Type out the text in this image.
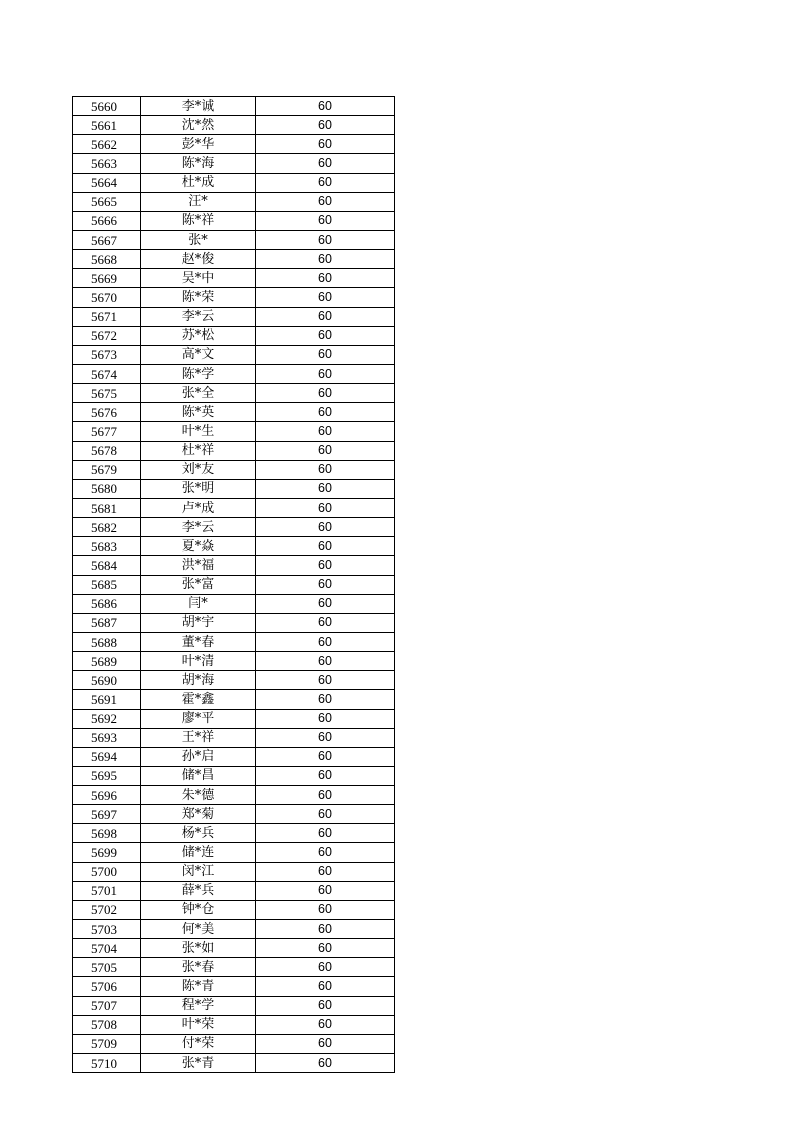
5660	李*诚	60
5661	沈*然	60
5662	彭*华	60
5663	陈*海	60
5664	杜*成	60
5665	汪*	60
5666	陈*祥	60
5667	张*	60
5668	赵*俊	60
5669	吴*中	60
5670	陈*荣	60
5671	李*云	60
5672	苏*松	60
5673	高*文	60
5674	陈*学	60
5675	张*全	60
5676	陈*英	60
5677	叶*生	60
5678	杜*祥	60
5679	刘*友	60
5680	张*明	60
5681	卢*成	60
5682	李*云	60
5683	夏*焱	60
5684	洪*福	60
5685	张*富	60
5686	闫*	60
5687	胡*宇	60
5688	董*春	60
5689	叶*清	60
5690	胡*海	60
5691	霍*鑫	60
5692	廖*平	60
5693	王*祥	60
5694	孙*启	60
5695	储*昌	60
5696	朱*德	60
5697	郑*菊	60
5698	杨*兵	60
5699	储*连	60
5700	闵*江	60
5701	薛*兵	60
5702	钟*仓	60
5703	何*美	60
5704	张*如	60
5705	张*春	60
5706	陈*青	60
5707	程*学	60
5708	叶*荣	60
5709	付*荣	60
5710	张*青	60
